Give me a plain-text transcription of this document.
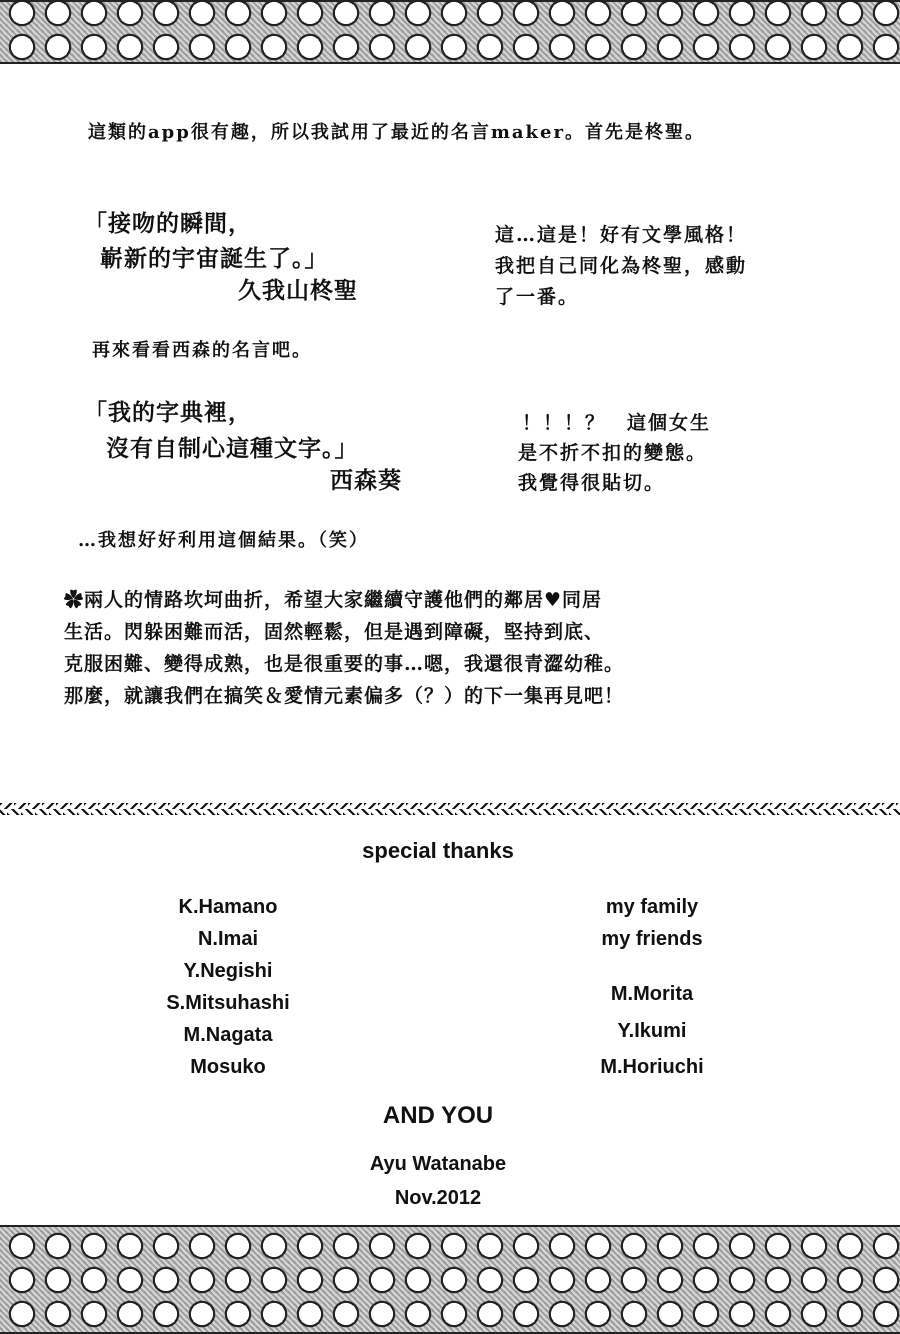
這類的app很有趣，所以我試用了最近的名言maker。首先是柊聖。
「接吻的瞬間，
嶄新的宇宙誕生了。」
久我山柊聖
這…這是！好有文學風格！
我把自己同化為柊聖，感動
了一番。
再來看看西森的名言吧。
「我的字典裡，
沒有自制心這種文字。」
西森葵
！！！？　這個女生
是不折不扣的變態。
我覺得很貼切。
…我想好好利用這個結果。（笑）
✿兩人的情路坎坷曲折，希望大家繼續守護他們的鄰居♥同居
生活。閃躲困難而活，固然輕鬆，但是遇到障礙，堅持到底、
克服困難、變得成熟，也是很重要的事…嗯，我還很青澀幼稚。
那麼，就讓我們在搞笑＆愛情元素偏多（？）的下一集再見吧！
special thanks
K.Hamano
N.Imai
Y.Negishi
S.Mitsuhashi
M.Nagata
Mosuko
my family
my friends
M.Morita
Y.Ikumi
M.Horiuchi
AND YOU
Ayu Watanabe
Nov.2012
